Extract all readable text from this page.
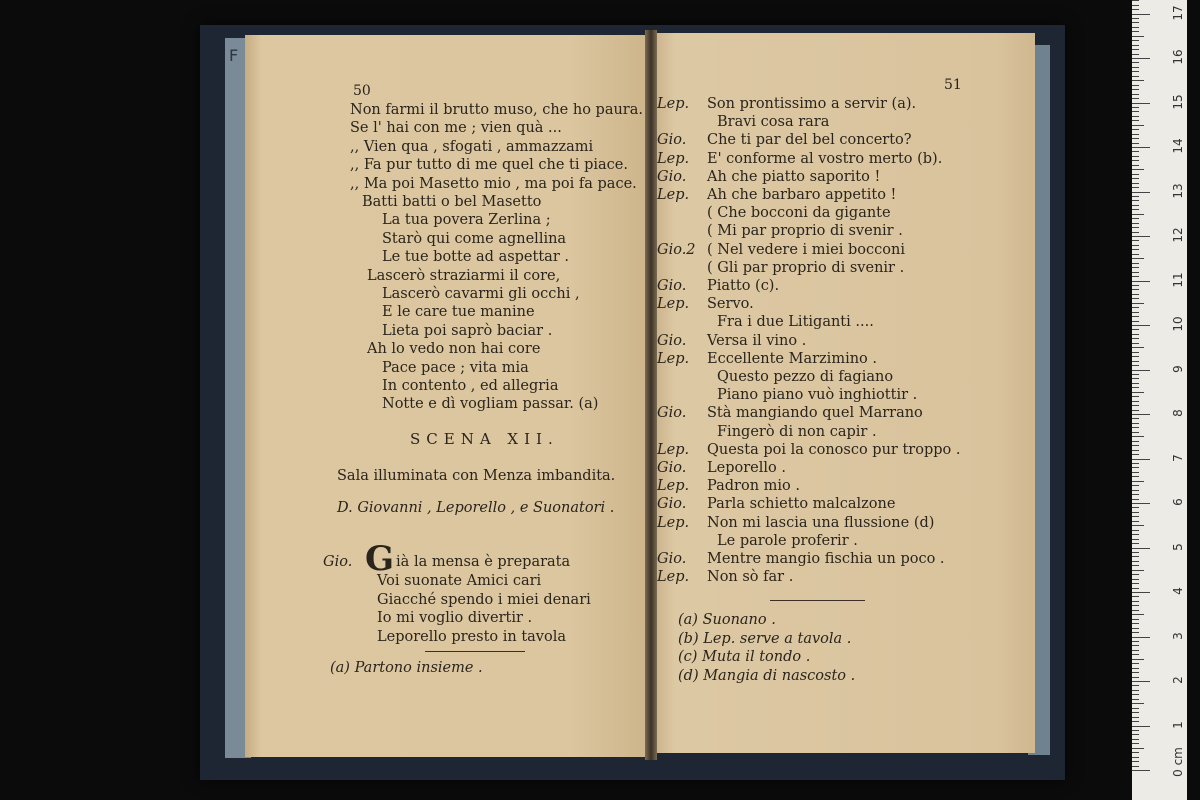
F
50
Non farmi il brutto muso, che ho paura.
Se l' hai con me ; vien quà ...
,, Vien qua , sfogati , ammazzami
,, Fa pur tutto di me quel che ti piace.
,, Ma poi Masetto mio , ma poi fa pace.
Batti batti o bel Masetto
La tua povera Zerlina ;
Starò qui come agnellina
Le tue botte ad aspettar .
Lascerò straziarmi il core,
Lascerò cavarmi gli occhi ,
E le care tue manine
Lieta poi saprò baciar .
Ah lo vedo non hai core
Pace pace ; vita mia
In contento , ed allegria
Notte e dì vogliam passar. (a)
SCENA XII.
Sala illuminata con Menza imbandita.
D. Giovanni , Leporello , e Suonatori .
Gio. G ià la mensa è preparata
Voi suonate Amici cari
Giacché spendo i miei denari
Io mi voglio divertir .
Leporello presto in tavola
(a) Partono insieme .
51
Lep. Son prontissimo a servir (a).
Bravi cosa rara
Gio. Che ti par del bel concerto?
Lep. E' conforme al vostro merto (b).
Gio. Ah che piatto saporito !
Lep. Ah che barbaro appetito !
( Che bocconi da gigante
( Mi par proprio di svenir .
Gio.2 ( Nel vedere i miei bocconi
( Gli par proprio di svenir .
Gio. Piatto (c).
Lep. Servo.
Fra i due Litiganti ....
Gio. Versa il vino .
Lep. Eccellente Marzimino .
Questo pezzo di fagiano
Piano piano vuò inghiottir .
Gio. Stà mangiando quel Marrano
Fingerò di non capir .
Lep. Questa poi la conosco pur troppo .
Gio. Leporello .
Lep. Padron mio .
Gio. Parla schietto malcalzone
Lep. Non mi lascia una flussione (d)
Le parole proferir .
Gio. Mentre mangio fischia un poco .
Lep. Non sò far .
(a) Suonano .
(b) Lep. serve a tavola .
(c) Muta il tondo .
(d) Mangia di nascosto .
0 cm
1
2
3
4
5
6
7
8
9
10
11
12
13
14
15
16
17
